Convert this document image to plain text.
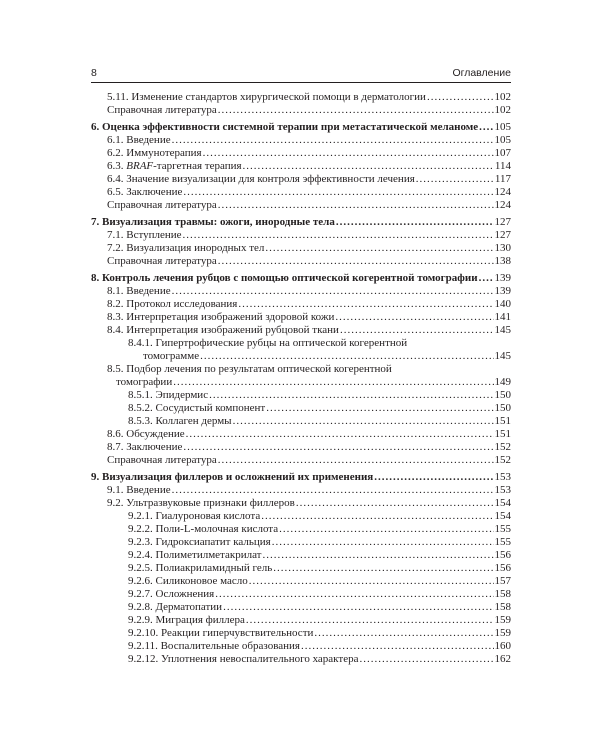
8	Оглавление
5.11. Изменение стандартов хирургической помощи в дерматологии .....	102
Справочная литература .....	102
6. Оценка эффективности системной терапии при метастатической меланоме ..... 105
6.1. Введение .....	105
6.2. Иммунотерапия .....	107
6.3. BRAF-таргетная терапия .....	114
6.4. Значение визуализации для контроля эффективности лечения .....	117
6.5. Заключение .....	124
Справочная литература .....	124
7. Визуализация травмы: ожоги, инородные тела .....	127
7.1. Вступление .....	127
7.2. Визуализация инородных тел .....	130
Справочная литература .....	138
8. Контроль лечения рубцов с помощью оптической когерентной томографии ..... 139
8.1. Введение .....	139
8.2. Протокол исследования .....	140
8.3. Интерпретация изображений здоровой кожи .....	141
8.4. Интерпретация изображений рубцовой ткани .....	145
8.4.1. Гипертрофические рубцы на оптической когерентной
томограмме .....	145
8.5. Подбор лечения по результатам оптической когерентной
томографии .....	149
8.5.1. Эпидермис .....	150
8.5.2. Сосудистый компонент .....	150
8.5.3. Коллаген дермы .....	151
8.6. Обсуждение .....	151
8.7. Заключение .....	152
Справочная литература .....	152
9. Визуализация филлеров и осложнений их применения .....	153
9.1. Введение .....	153
9.2. Ультразвуковые признаки филлеров .....	154
9.2.1. Гиалуроновая кислота .....	154
9.2.2. Поли-L-молочная кислота .....	155
9.2.3. Гидроксиапатит кальция .....	155
9.2.4. Полиметилметакрилат .....	156
9.2.5. Полиакриламидный гель .....	156
9.2.6. Силиконовое масло .....	157
9.2.7. Осложнения .....	158
9.2.8. Дерматопатии .....	158
9.2.9. Миграция филлера .....	159
9.2.10. Реакции гиперчувствительности .....	159
9.2.11. Воспалительные образования .....	160
9.2.12. Уплотнения невоспалительного характера .....	162
